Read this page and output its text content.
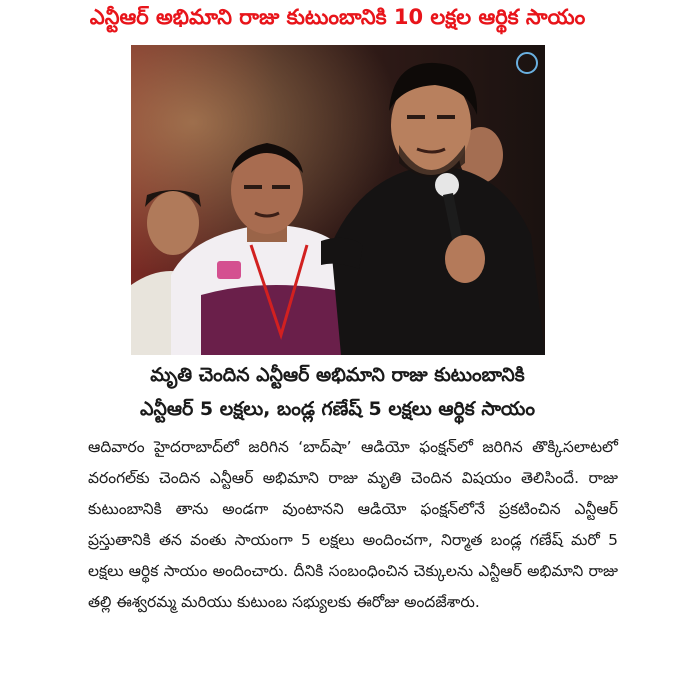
ఎన్టీఆర్ అభిమాని రాజు కుటుంబానికి 10 లక్షల ఆర్థిక సాయం
మృతి చెందిన ఎన్టీఆర్ అభిమాని రాజు కుటుంబానికి
ఎన్టీఆర్ 5 లక్షలు, బండ్ల గణేష్ 5 లక్షలు ఆర్థిక సాయం
ఆదివారం హైదరాబాద్‌లో జరిగిన ‘బాద్‌షా’ ఆడియో ఫంక్షన్‌లో జరిగిన తొక్కిసలాటలో వరంగల్‌కు చెందిన ఎన్టీఆర్ అభిమాని రాజు మృతి చెందిన విషయం తెలిసిందే. రాజు కుటుంబానికి తాను అండగా వుంటానని ఆడియో ఫంక్షన్‌లోనే ప్రకటించిన ఎన్టీఆర్ ప్రస్తుతానికి తన వంతు సాయంగా 5 లక్షలు అందించగా, నిర్మాత బండ్ల గణేష్ మరో 5 లక్షలు ఆర్థిక సాయం అందించారు. దీనికి సంబంధించిన చెక్కులను ఎన్టీఆర్ అభిమాని రాజు తల్లి ఈశ్వరమ్మ మరియు కుటుంబ సభ్యులకు ఈరోజు అందజేశారు.
